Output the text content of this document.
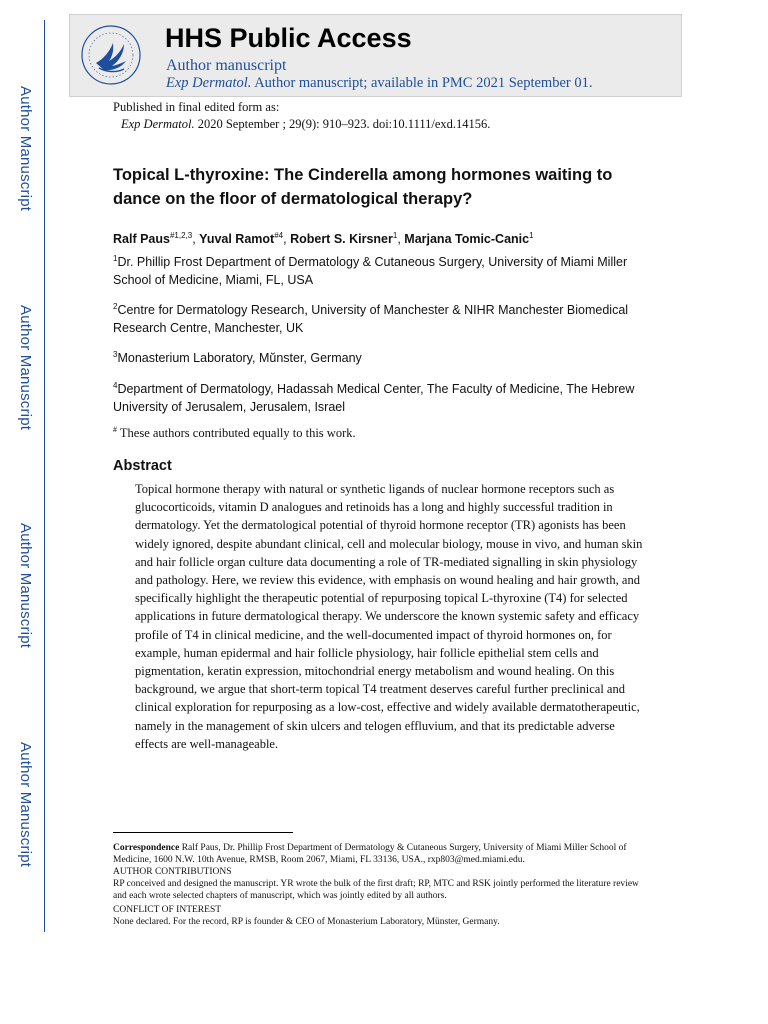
Author Manuscript
Author Manuscript
Author Manuscript
Author Manuscript
HHS Public Access
Author manuscript
Exp Dermatol. Author manuscript; available in PMC 2021 September 01.
Published in final edited form as:
Exp Dermatol. 2020 September ; 29(9): 910–923. doi:10.1111/exd.14156.
Topical L-thyroxine: The Cinderella among hormones waiting to dance on the floor of dermatological therapy?
Ralf Paus$^{\#1,2,3}$, Yuval Ramot$^{\#4}$, Robert S. Kirsner$^1$, Marjana Tomic-Canic$^1$

$^1$Dr. Phillip Frost Department of Dermatology & Cutaneous Surgery, University of Miami Miller School of Medicine, Miami, FL, USA

$^2$Centre for Dermatology Research, University of Manchester & NIHR Manchester Biomedical Research Centre, Manchester, UK

$^3$Monasterium Laboratory, Mŭnster, Germany

$^4$Department of Dermatology, Hadassah Medical Center, The Faculty of Medicine, The Hebrew University of Jerusalem, Jerusalem, Israel

# These authors contributed equally to this work.
Abstract

Topical hormone therapy with natural or synthetic ligands of nuclear hormone receptors such as glucocorticoids, vitamin D analogues and retinoids has a long and highly successful tradition in dermatology. Yet the dermatological potential of thyroid hormone receptor (TR) agonists has been widely ignored, despite abundant clinical, cell and molecular biology, mouse in vivo, and human skin and hair follicle organ culture data documenting a role of TR-mediated signalling in skin physiology and pathology. Here, we review this evidence, with emphasis on wound healing and hair growth, and specifically highlight the therapeutic potential of repurposing topical L-thyroxine (T4) for selected applications in future dermatological therapy. We underscore the known systemic safety and efficacy profile of T4 in clinical medicine, and the well-documented impact of thyroid hormones on, for example, human epidermal and hair follicle physiology, hair follicle epithelial stem cells and pigmentation, keratin expression, mitochondrial energy metabolism and wound healing. On this background, we argue that short-term topical T4 treatment deserves careful further preclinical and clinical exploration for repurposing as a low-cost, effective and widely available dermatotherapeutic, namely in the management of skin ulcers and telogen effluvium, and that its predictable adverse effects are well-manageable.

Correspondence Ralf Paus, Dr. Phillip Frost Department of Dermatology & Cutaneous Surgery, University of Miami Miller School of Medicine, 1600 N.W. 10th Avenue, RMSB, Room 2067, Miami, FL 33136, USA., rxp803@med.miami.edu.

AUTHOR CONTRIBUTIONS

RP conceived and designed the manuscript. YR wrote the bulk of the first draft; RP, MTC and RSK jointly performed the literature review and each wrote selected chapters of manuscript, which was jointly edited by all authors.

CONFLICT OF INTEREST

None declared. For the record, RP is founder & CEO of Monasterium Laboratory, Münster, Germany.
